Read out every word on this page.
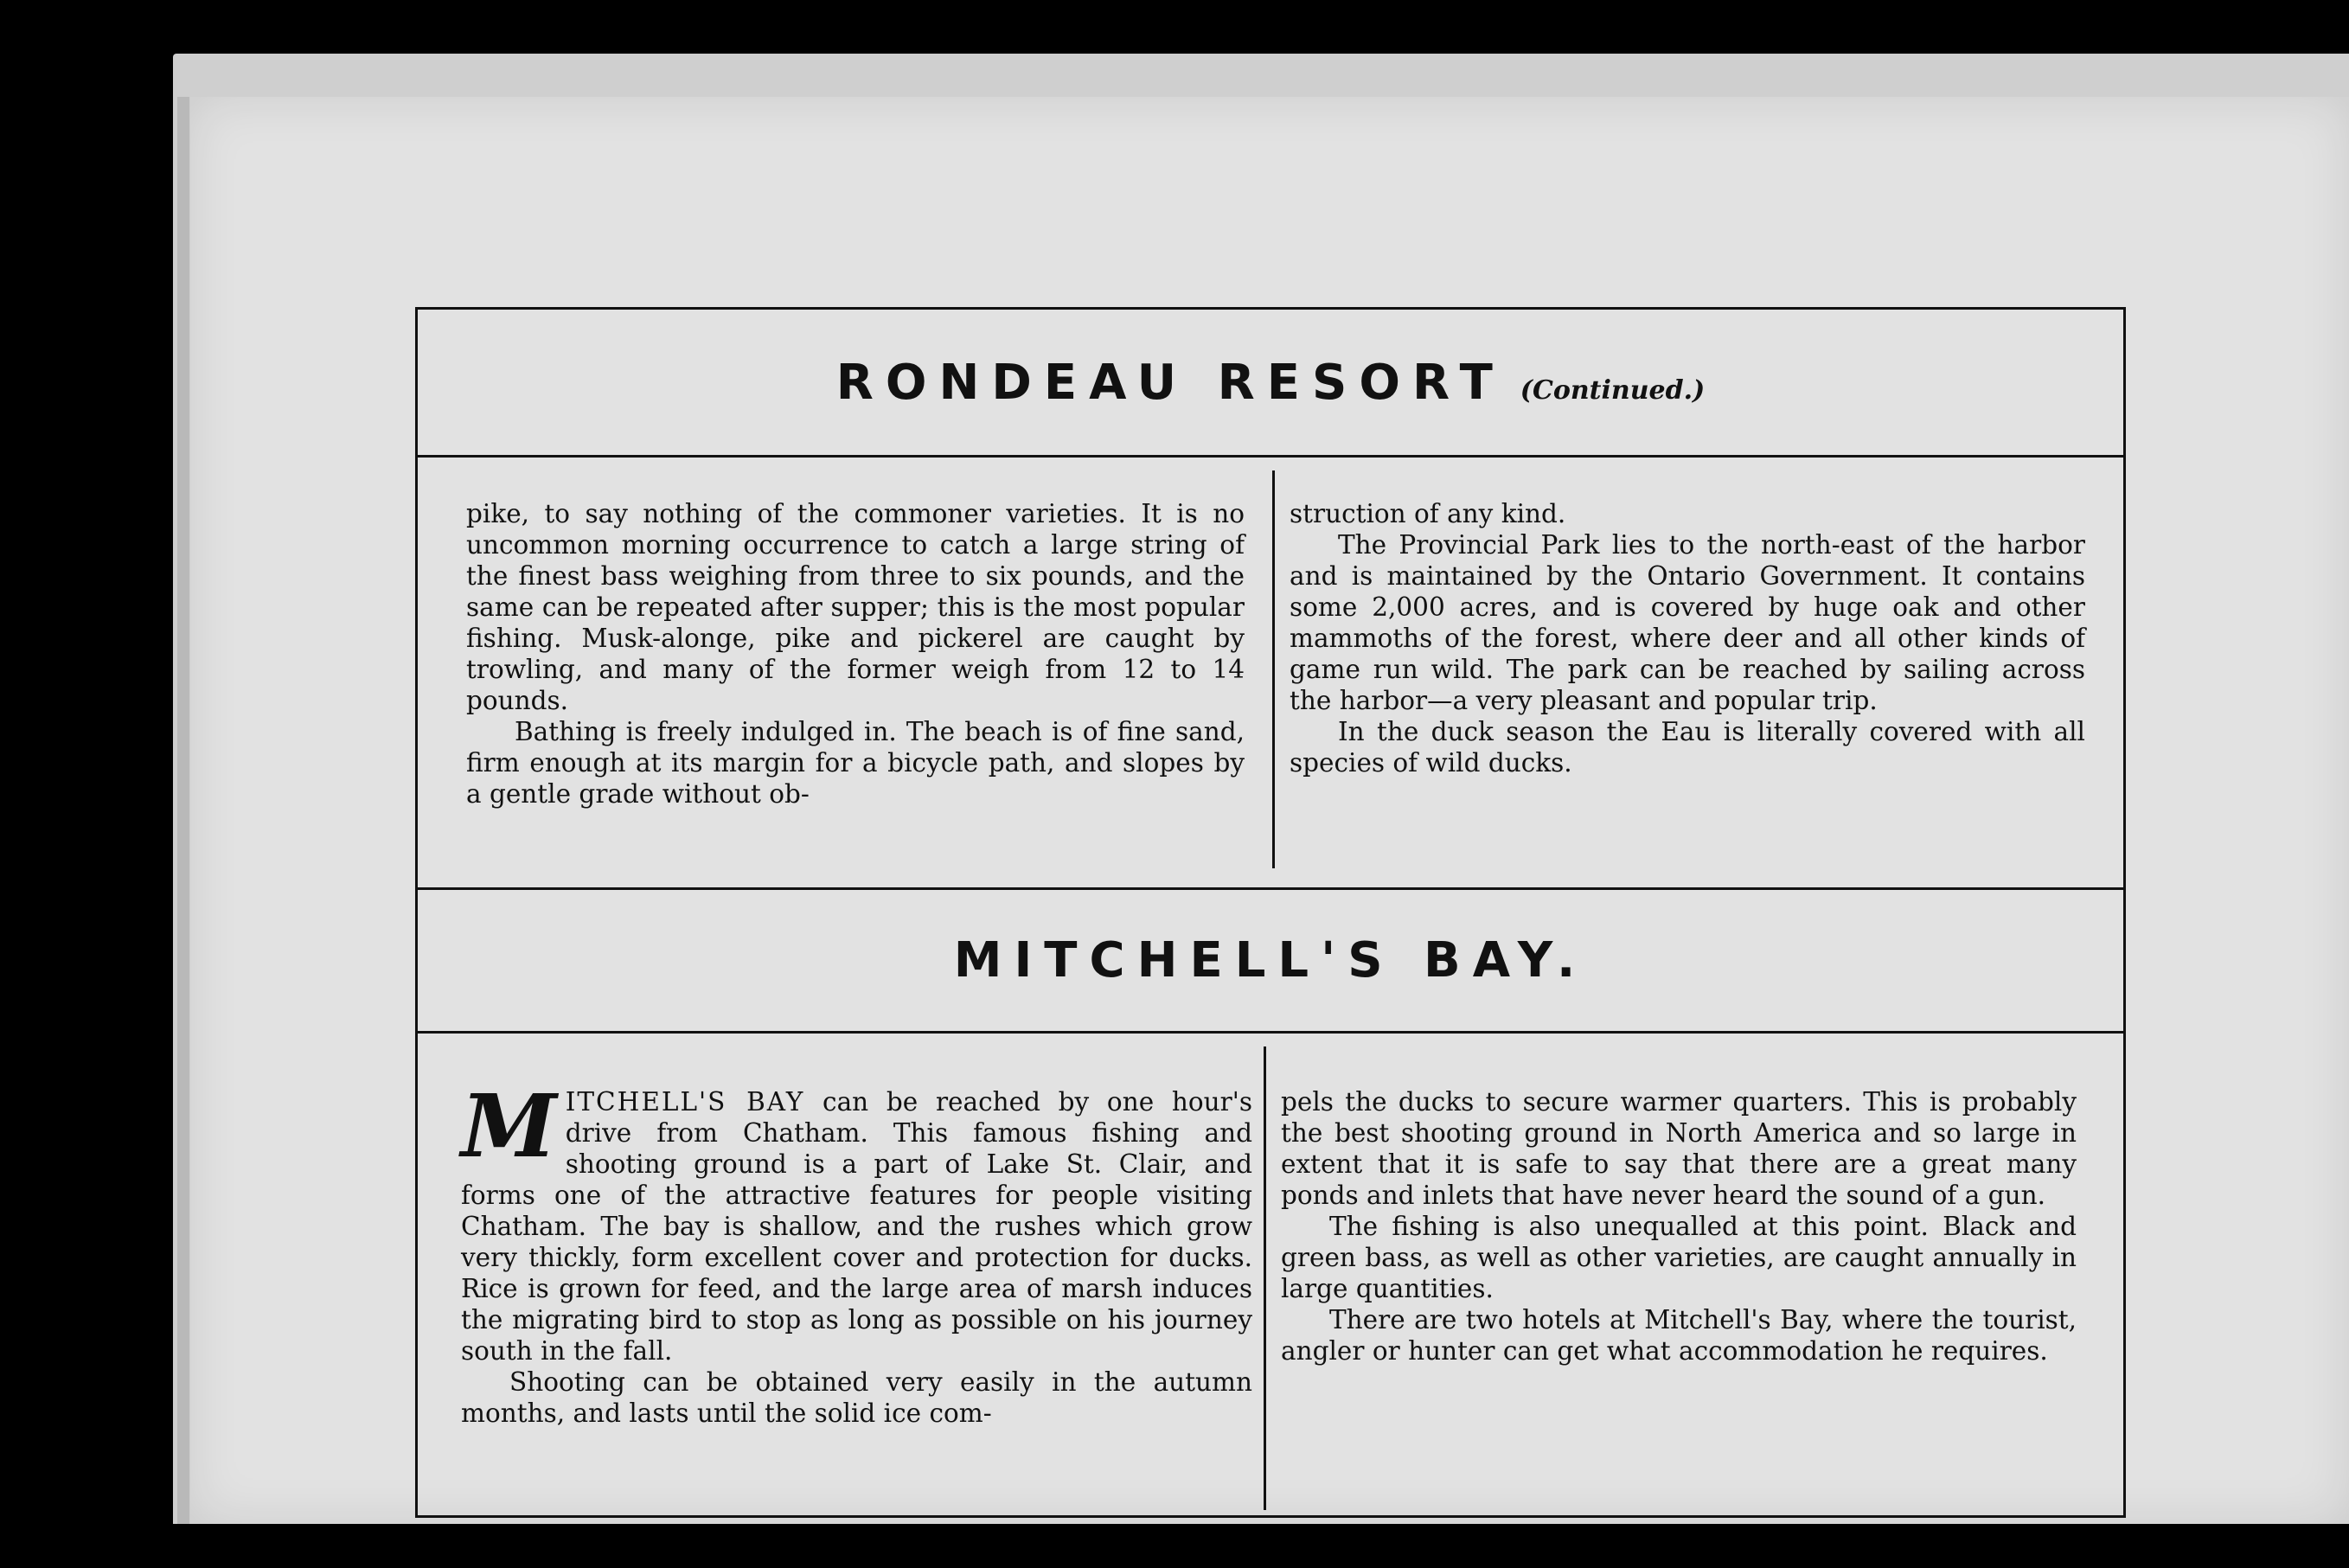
RONDEAU RESORT (Continued.)

pike, to say nothing of the commoner varieties. It is no uncommon morning occurrence to catch a large string of the finest bass weighing from three to six pounds, and the same can be repeated after supper; this is the most popular fishing. Musk-alonge, pike and pickerel are caught by trowling, and many of the former weigh from 12 to 14 pounds.

Bathing is freely indulged in. The beach is of fine sand, firm enough at its margin for a bicycle path, and slopes by a gentle grade without ob-

struction of any kind.

The Provincial Park lies to the north-east of the harbor and is maintained by the Ontario Government. It contains some 2,000 acres, and is covered by huge oak and other mammoths of the forest, where deer and all other kinds of game run wild. The park can be reached by sailing across the harbor—a very pleasant and popular trip.

In the duck season the Eau is literally covered with all species of wild ducks.

MITCHELL'S BAY.

MITCHELL'S BAY can be reached by one hour's drive from Chatham. This famous fishing and shooting ground is a part of Lake St. Clair, and forms one of the attractive features for people visiting Chatham. The bay is shallow, and the rushes which grow very thickly, form excellent cover and protection for ducks. Rice is grown for feed, and the large area of marsh induces the migrating bird to stop as long as possible on his journey south in the fall.

Shooting can be obtained very easily in the autumn months, and lasts until the solid ice com-

pels the ducks to secure warmer quarters. This is probably the best shooting ground in North America and so large in extent that it is safe to say that there are a great many ponds and inlets that have never heard the sound of a gun.

The fishing is also unequalled at this point. Black and green bass, as well as other varieties, are caught annually in large quantities.

There are two hotels at Mitchell's Bay, where the tourist, angler or hunter can get what accommodation he requires.
